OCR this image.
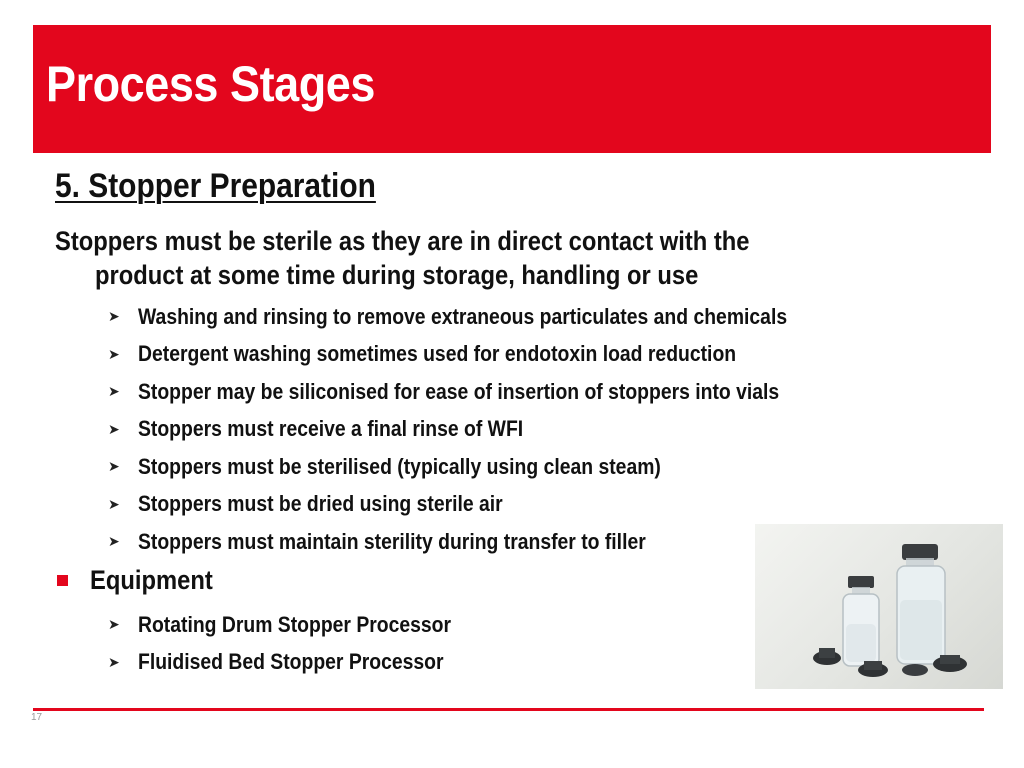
Process Stages
5. Stopper Preparation

Stoppers must be sterile as they are in direct contact with the
product at some time during storage, handling or use

➤ Washing and rinsing to remove extraneous particulates and chemicals
➤ Detergent washing sometimes used for endotoxin load reduction
➤ Stopper may be siliconised for ease of insertion of stoppers into vials
➤ Stoppers must receive a final rinse of WFI
➤ Stoppers must be sterilised (typically using clean steam)
➤ Stoppers must be dried using sterile air
➤ Stoppers must maintain sterility during transfer to filler
Equipment
➤ Rotating Drum Stopper Processor
➤ Fluidised Bed Stopper Processor
17
